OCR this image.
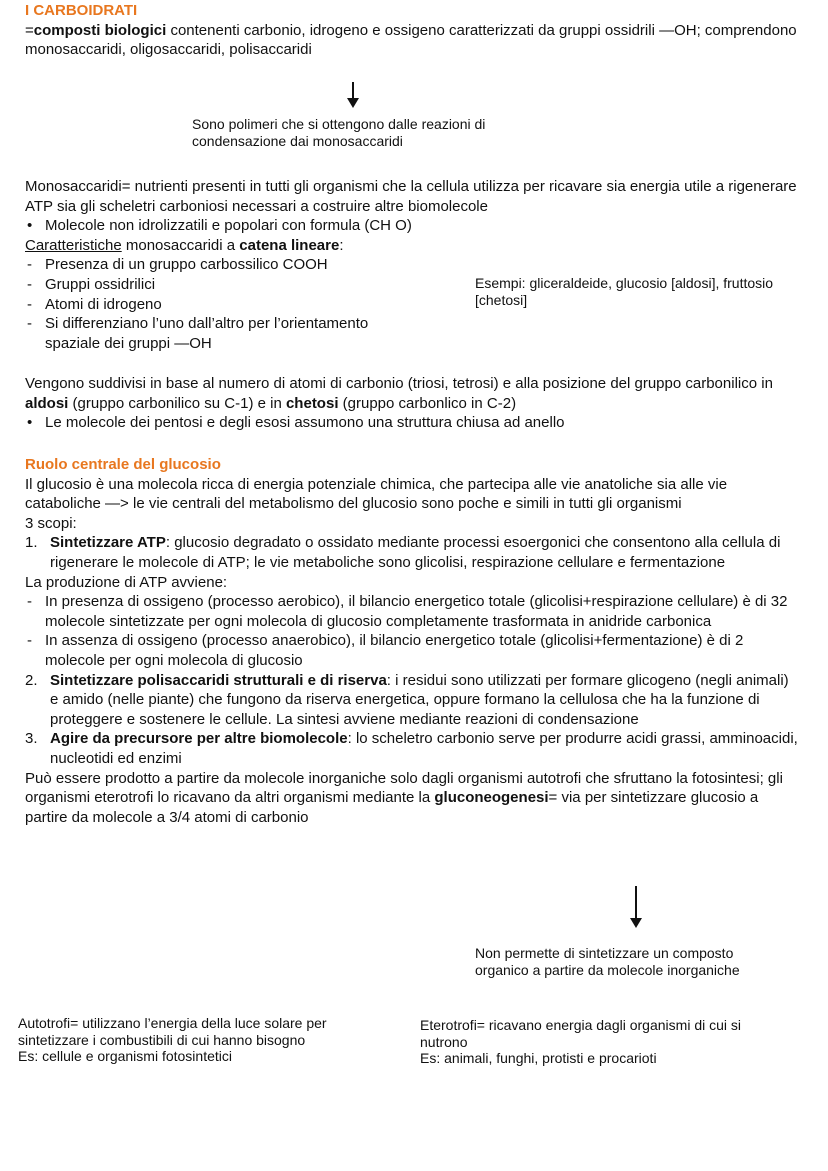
I CARBOIDRATI
=composti biologici contenenti carbonio, idrogeno e ossigeno caratterizzati da gruppi ossidrili —OH; comprendono monosaccaridi, oligosaccaridi, polisaccaridi
Sono polimeri che si ottengono dalle reazioni di condensazione dai monosaccaridi
Monosaccaridi= nutrienti presenti in tutti gli organismi che la cellula utilizza per ricavare sia energia utile a rigenerare ATP sia gli scheletri carboniosi necessari a costruire altre biomolecole
• Molecole non idrolizzatili e popolari con formula (CH O)
Caratteristiche monosaccaridi a catena lineare:
- Presenza di un gruppo carbossilico COOH
- Gruppi ossidrilici
- Atomi di idrogeno
- Si differenziano l’uno dall’altro per l’orientamento spaziale dei gruppi —OH
Esempi: gliceraldeide, glucosio [aldosi], fruttosio [chetosi]
Vengono suddivisi in base al numero di atomi di carbonio (triosi, tetrosi) e alla posizione del gruppo carbonilico in aldosi (gruppo carbonilico su C-1) e in chetosi (gruppo carbonlico in C-2)
• Le molecole dei pentosi e degli esosi assumono una struttura chiusa ad anello
Ruolo centrale del glucosio
Il glucosio è una molecola ricca di energia potenziale chimica, che partecipa alle vie anatoliche sia alle vie cataboliche —> le vie centrali del metabolismo del glucosio sono poche e simili in tutti gli organismi
3 scopi:
1. Sintetizzare ATP: glucosio degradato o ossidato mediante processi esoergonici che consentono alla cellula di rigenerare le molecole di ATP; le vie metaboliche sono glicolisi, respirazione cellulare e fermentazione
La produzione di ATP avviene:
- In presenza di ossigeno (processo aerobico), il bilancio energetico totale (glicolisi+respirazione cellulare) è di 32 molecole sintetizzate per ogni molecola di glucosio completamente trasformata in anidride carbonica
- In assenza di ossigeno (processo anaerobico), il bilancio energetico totale (glicolisi+fermentazione) è di 2 molecole per ogni molecola di glucosio
2. Sintetizzare polisaccaridi strutturali e di riserva: i residui sono utilizzati per formare glicogeno (negli animali) e amido (nelle piante) che fungono da riserva energetica, oppure formano la cellulosa che ha la funzione di proteggere e sostenere le cellule. La sintesi avviene mediante reazioni di condensazione
3. Agire da precursore per altre biomolecole: lo scheletro carbonio serve per produrre acidi grassi, amminoacidi, nucleotidi ed enzimi
Può essere prodotto a partire da molecole inorganiche solo dagli organismi autotrofi che sfruttano la fotosintesi; gli organismi eterotrofi lo ricavano da altri organismi mediante la gluconeogenesi= via per sintetizzare glucosio a partire da molecole a 3/4 atomi di carbonio
Non permette di sintetizzare un composto organico a partire da molecole inorganiche
Autotrofi= utilizzano l’energia della luce solare per sintetizzare i combustibili di cui hanno bisogno
Es: cellule e organismi fotosintetici
Eterotrofi= ricavano energia dagli organismi di cui si nutrono
Es: animali, funghi, protisti e procarioti
